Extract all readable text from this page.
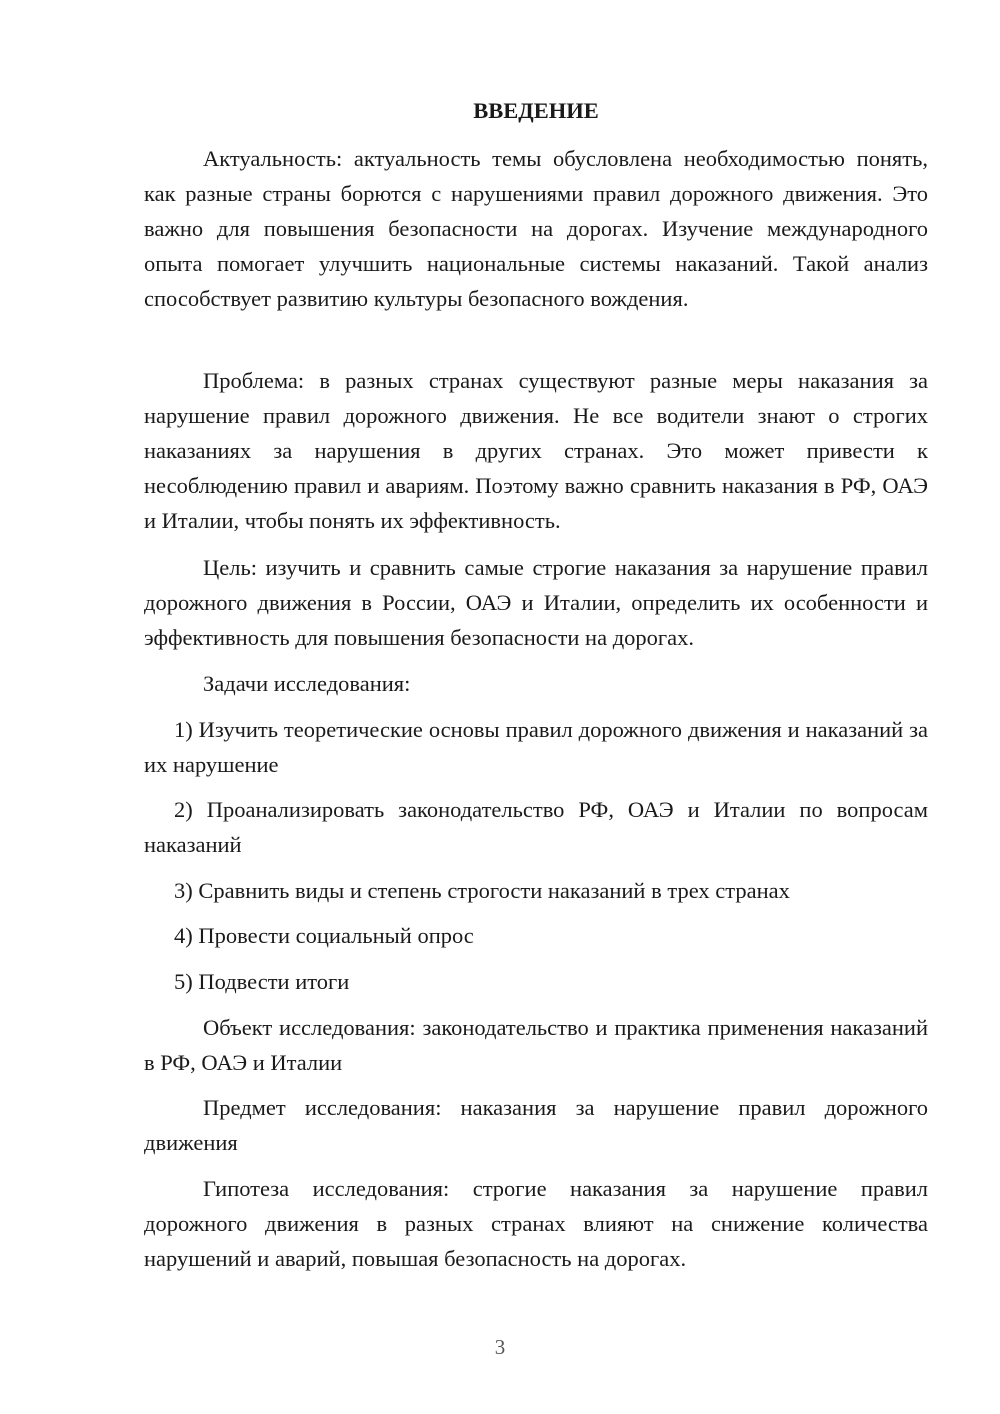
ВВЕДЕНИЕ

Актуальность: актуальность темы обусловлена необходимостью понять, как разные страны борются с нарушениями правил дорожного движения. Это важно для повышения безопасности на дорогах. Изучение международного опыта помогает улучшить национальные системы наказаний. Такой анализ способствует развитию культуры безопасного вождения.

Проблема: в разных странах существуют разные меры наказания за нарушение правил дорожного движения. Не все водители знают о строгих наказаниях за нарушения в других странах. Это может привести к несоблюдению правил и авариям. Поэтому важно сравнить наказания в РФ, ОАЭ и Италии, чтобы понять их эффективность.

Цель: изучить и сравнить самые строгие наказания за нарушение правил дорожного движения в России, ОАЭ и Италии, определить их особенности и эффективность для повышения безопасности на дорогах.

Задачи исследования:

1) Изучить теоретические основы правил дорожного движения и наказаний за их нарушение

2) Проанализировать законодательство РФ, ОАЭ и Италии по вопросам наказаний

3) Сравнить виды и степень строгости наказаний в трех странах

4) Провести социальный опрос

5) Подвести итоги

Объект исследования: законодательство и практика применения наказаний в РФ, ОАЭ и Италии

Предмет исследования: наказания за нарушение правил дорожного движения

Гипотеза исследования: строгие наказания за нарушение правил дорожного движения в разных странах влияют на снижение количества нарушений и аварий, повышая безопасность на дорогах.

3
